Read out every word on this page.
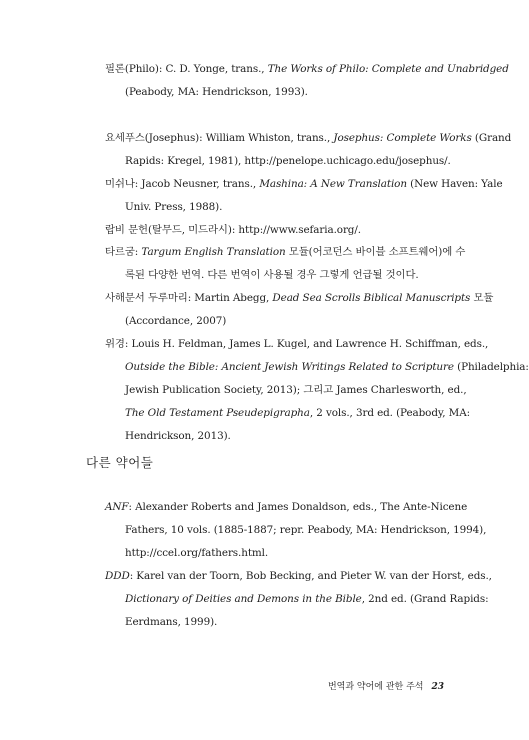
필론(Philo): C. D. Yonge, trans., The Works of Philo: Complete and Unabridged
(Peabody, MA: Hendrickson, 1993).
요세푸스(Josephus): William Whiston, trans., Josephus: Complete Works (Grand
Rapids: Kregel, 1981), http://penelope.uchicago.edu/josephus/.
미쉬나: Jacob Neusner, trans., Mashina: A New Translation (New Haven: Yale
Univ. Press, 1988).
랍비 문헌(탈무드, 미드라시): http://www.sefaria.org/.
타르굼: Targum English Translation 모듈(어코던스 바이블 소프트웨어)에 수
록된 다양한 번역. 다른 번역이 사용될 경우 그렇게 언급될 것이다.
사해문서 두루마리: Martin Abegg, Dead Sea Scrolls Biblical Manuscripts 모듈
(Accordance, 2007)
위경: Louis H. Feldman, James L. Kugel, and Lawrence H. Schiffman, eds.,
Outside the Bible: Ancient Jewish Writings Related to Scripture (Philadelphia:
Jewish Publication Society, 2013); 그리고 James Charlesworth, ed.,
The Old Testament Pseudepigrapha, 2 vols., 3rd ed. (Peabody, MA:
Hendrickson, 2013).
다른 약어들
ANF: Alexander Roberts and James Donaldson, eds., The Ante-Nicene
Fathers, 10 vols. (1885-1887; repr. Peabody, MA: Hendrickson, 1994),
http://ccel.org/fathers.html.
DDD: Karel van der Toorn, Bob Becking, and Pieter W. van der Horst, eds.,
Dictionary of Deities and Demons in the Bible, 2nd ed. (Grand Rapids:
Eerdmans, 1999).
번역과 약어에 관한 주석 23
